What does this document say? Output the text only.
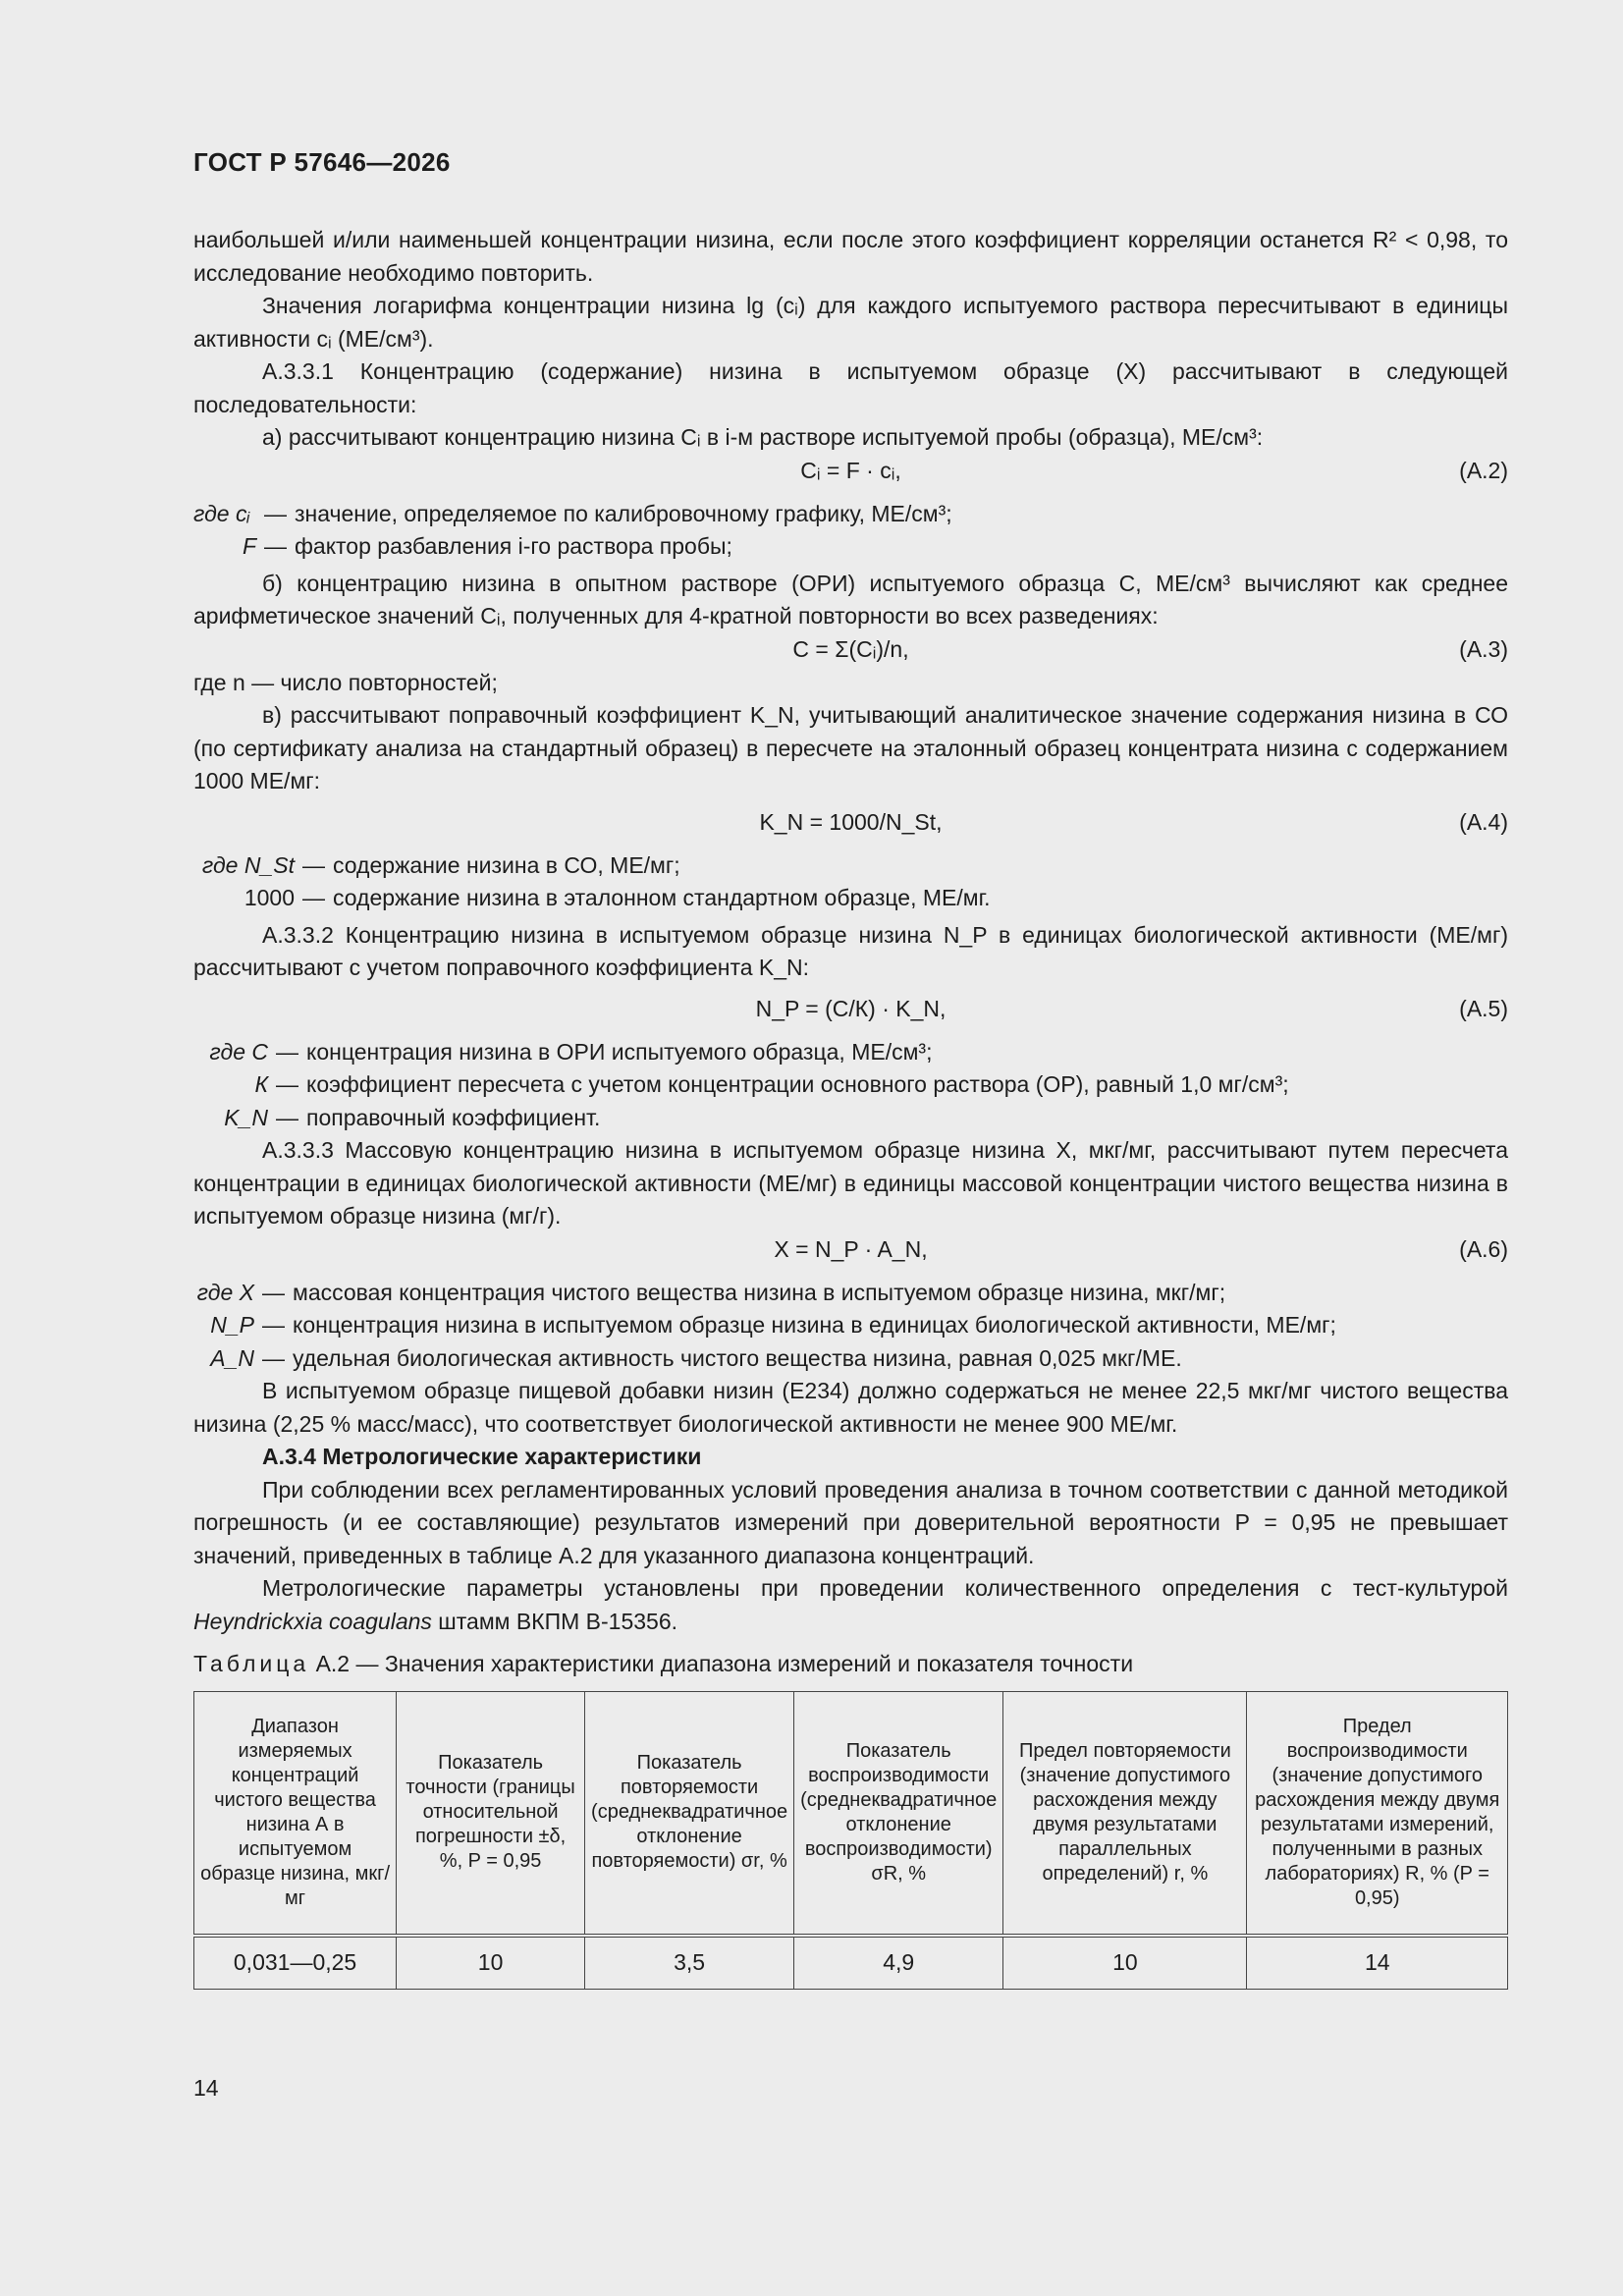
ГОСТ Р 57646—2026

наибольшей и/или наименьшей концентрации низина, если после этого коэффициент корреляции останется R² < 0,98, то исследование необходимо повторить.

Значения логарифма концентрации низина lg (cᵢ) для каждого испытуемого раствора пересчитывают в единицы активности cᵢ (МЕ/см³).

А.3.3.1 Концентрацию (содержание) низина в испытуемом образце (X) рассчитывают в следующей последовательности:

а) рассчитывают концентрацию низина Cᵢ в i-м растворе испытуемой пробы (образца), МЕ/см³:

Cᵢ = F · cᵢ,	(А.2)
где cᵢ — значение, определяемое по калибровочному графику, МЕ/см³;
F — фактор разбавления i-го раствора пробы;

б) концентрацию низина в опытном растворе (ОРИ) испытуемого образца С, МЕ/см³ вычисляют как среднее арифметическое значений Cᵢ, полученных для 4-кратной повторности во всех разведениях:

С = Σ(Cᵢ)/n,	(А.3)

где n — число повторностей;

в) рассчитывают поправочный коэффициент K_N, учитывающий аналитическое значение содержания низина в СО (по сертификату анализа на стандартный образец) в пересчете на эталонный образец концентрата низина с содержанием 1000 МЕ/мг:

K_N = 1000/N_St,	(А.4)
где N_St — содержание низина в СО, МЕ/мг;
1000 — содержание низина в эталонном стандартном образце, МЕ/мг.

А.3.3.2 Концентрацию низина в испытуемом образце низина N_P в единицах биологической активности (МЕ/мг) рассчитывают с учетом поправочного коэффициента K_N:

N_P = (С/К) · K_N,	(А.5)
где С — концентрация низина в ОРИ испытуемого образца, МЕ/см³;
К — коэффициент пересчета с учетом концентрации основного раствора (ОР), равный 1,0 мг/см³;
K_N — поправочный коэффициент.

А.3.3.3 Массовую концентрацию низина в испытуемом образце низина X, мкг/мг, рассчитывают путем пересчета концентрации в единицах биологической активности (МЕ/мг) в единицы массовой концентрации чистого вещества низина в испытуемом образце низина (мг/г).

X = N_P · A_N,	(А.6)
где X — массовая концентрация чистого вещества низина в испытуемом образце низина, мкг/мг;
N_P — концентрация низина в испытуемом образце низина в единицах биологической активности, МЕ/мг;
A_N — удельная биологическая активность чистого вещества низина, равная 0,025 мкг/МЕ.

В испытуемом образце пищевой добавки низин (Е234) должно содержаться не менее 22,5 мкг/мг чистого вещества низина (2,25 % масс/масс), что соответствует биологической активности не менее 900 МЕ/мг.

А.3.4 Метрологические характеристики

При соблюдении всех регламентированных условий проведения анализа в точном соответствии с данной методикой погрешность (и ее составляющие) результатов измерений при доверительной вероятности P = 0,95 не превышает значений, приведенных в таблице А.2 для указанного диапазона концентраций.

Метрологические параметры установлены при проведении количественного определения с тест-культурой Heyndrickxia coagulans штамм ВКПМ В-15356.

Таблица А.2 — Значения характеристики диапазона измерений и показателя точности
Диапазон измеряемых концентраций чистого вещества низина А в испытуемом образце низина, мкг/мг	Показатель точности (границы относительной погрешности ±δ, %, P = 0,95	Показатель повторяемости (среднеквадратичное отклонение повторяемости) σr, %	Показатель воспроизводимости (среднеквадратичное отклонение воспроизводимости) σR, %	Предел повторяемости (значение допустимого расхождения между двумя результатами параллельных определений) r, %	Предел воспроизводимости (значение допустимого расхождения между двумя результатами измерений, полученными в разных лабораториях) R, % (P = 0,95)
0,031—0,25	10	3,5	4,9	10	14
14
